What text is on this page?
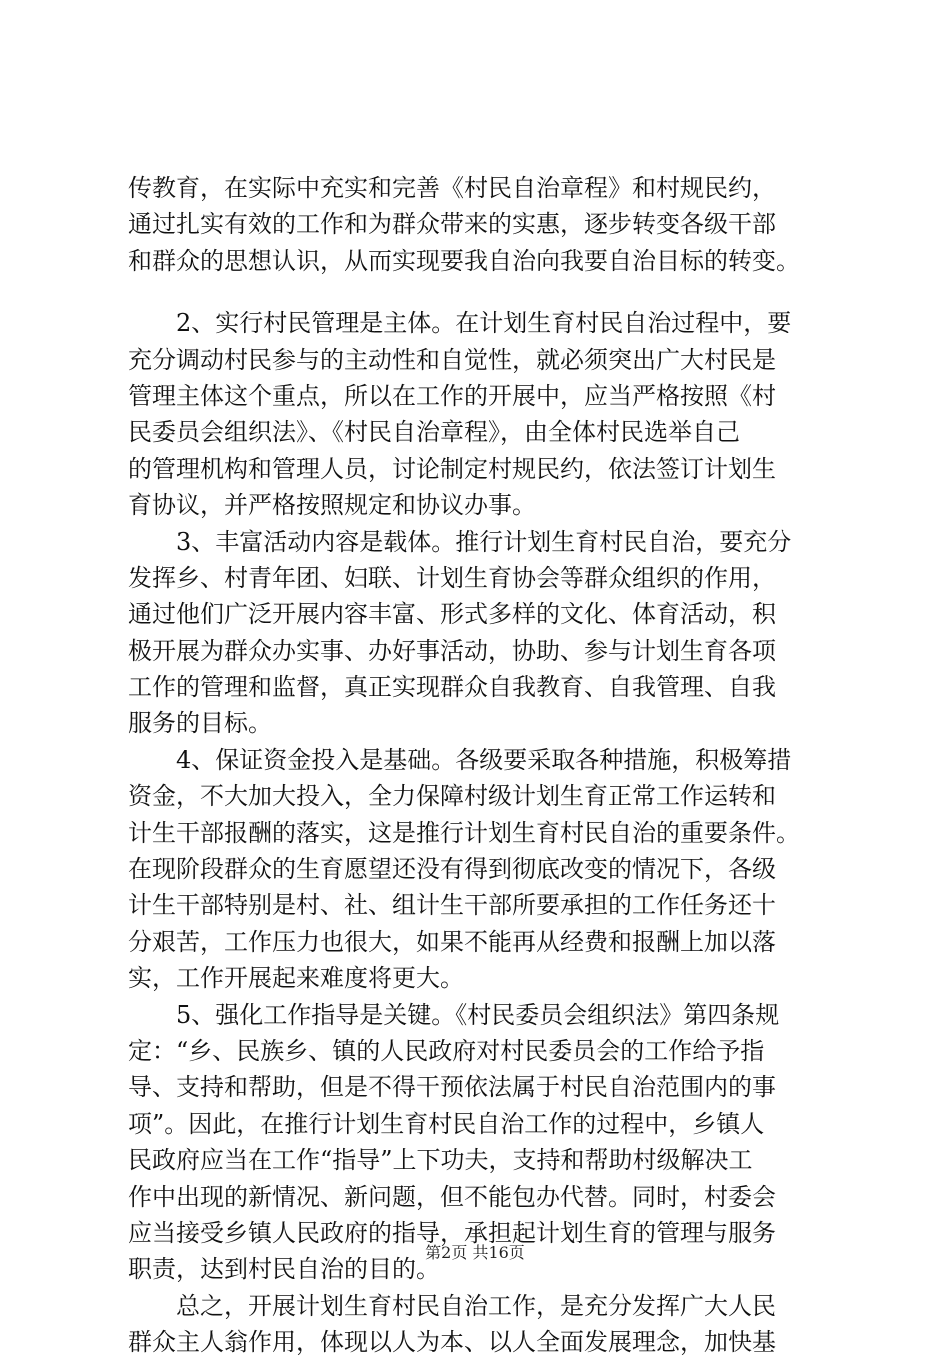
传教育，在实际中充实和完善《村民自治章程》和村规民约，
通过扎实有效的工作和为群众带来的实惠，逐步转变各级干部
和群众的思想认识，从而实现要我自治向我要自治目标的转变。
　　2、实行村民管理是主体。在计划生育村民自治过程中，要
充分调动村民参与的主动性和自觉性，就必须突出广大村民是
管理主体这个重点，所以在工作的开展中，应当严格按照《村
民委员会组织法》、《村民自治章程》，由全体村民选举自己
的管理机构和管理人员，讨论制定村规民约，依法签订计划生
育协议，并严格按照规定和协议办事。
　　3、丰富活动内容是载体。推行计划生育村民自治，要充分
发挥乡、村青年团、妇联、计划生育协会等群众组织的作用，
通过他们广泛开展内容丰富、形式多样的文化、体育活动，积
极开展为群众办实事、办好事活动，协助、参与计划生育各项
工作的管理和监督，真正实现群众自我教育、自我管理、自我
服务的目标。
　　4、保证资金投入是基础。各级要采取各种措施，积极筹措
资金，不大加大投入，全力保障村级计划生育正常工作运转和
计生干部报酬的落实，这是推行计划生育村民自治的重要条件。
在现阶段群众的生育愿望还没有得到彻底改变的情况下，各级
计生干部特别是村、社、组计生干部所要承担的工作任务还十
分艰苦，工作压力也很大，如果不能再从经费和报酬上加以落
实，工作开展起来难度将更大。
　　5、强化工作指导是关键。《村民委员会组织法》第四条规
定：“乡、民族乡、镇的人民政府对村民委员会的工作给予指
导、支持和帮助，但是不得干预依法属于村民自治范围内的事
项”。因此，在推行计划生育村民自治工作的过程中，乡镇人
民政府应当在工作“指导”上下功夫，支持和帮助村级解决工
作中出现的新情况、新问题，但不能包办代替。同时，村委会
应当接受乡镇人民政府的指导，承担起计划生育的管理与服务
职责，达到村民自治的目的。
　　总之，开展计划生育村民自治工作，是充分发挥广大人民
群众主人翁作用，体现以人为本、以人全面发展理念，加快基
第2页 共16页
